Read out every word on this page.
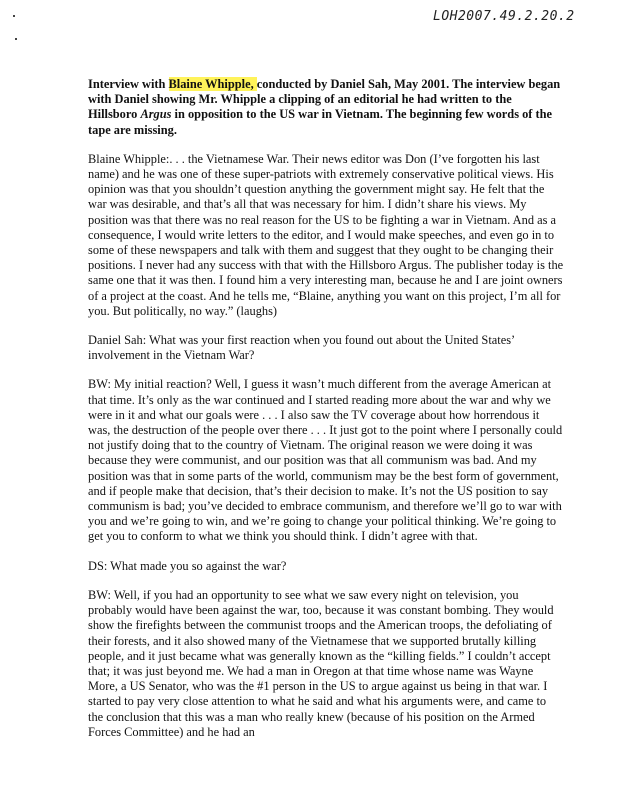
LOH2007.49.2.20.2
Interview with Blaine Whipple, conducted by Daniel Sah, May 2001. The interview began with Daniel showing Mr. Whipple a clipping of an editorial he had written to the Hillsboro Argus in opposition to the US war in Vietnam. The beginning few words of the tape are missing.

Blaine Whipple:. . . the Vietnamese War. Their news editor was Don (I’ve forgotten his last name) and he was one of these super-patriots with extremely conservative political views. His opinion was that you shouldn’t question anything the government might say. He felt that the war was desirable, and that’s all that was necessary for him. I didn’t share his views. My position was that there was no real reason for the US to be fighting a war in Vietnam. And as a consequence, I would write letters to the editor, and I would make speeches, and even go in to some of these newspapers and talk with them and suggest that they ought to be changing their positions. I never had any success with that with the Hillsboro Argus. The publisher today is the same one that it was then. I found him a very interesting man, because he and I are joint owners of a project at the coast. And he tells me, “Blaine, anything you want on this project, I’m all for you. But politically, no way.” (laughs)

Daniel Sah: What was your first reaction when you found out about the United States’ involvement in the Vietnam War?

BW: My initial reaction? Well, I guess it wasn’t much different from the average American at that time. It’s only as the war continued and I started reading more about the war and why we were in it and what our goals were . . . I also saw the TV coverage about how horrendous it was, the destruction of the people over there . . . It just got to the point where I personally could not justify doing that to the country of Vietnam. The original reason we were doing it was because they were communist, and our position was that all communism was bad. And my position was that in some parts of the world, communism may be the best form of government, and if people make that decision, that’s their decision to make. It’s not the US position to say communism is bad; you’ve decided to embrace communism, and therefore we’ll go to war with you and we’re going to win, and we’re going to change your political thinking. We’re going to get you to conform to what we think you should think. I didn’t agree with that.

DS: What made you so against the war?

BW: Well, if you had an opportunity to see what we saw every night on television, you probably would have been against the war, too, because it was constant bombing. They would show the firefights between the communist troops and the American troops, the defoliating of their forests, and it also showed many of the Vietnamese that we supported brutally killing people, and it just became what was generally known as the “killing fields.” I couldn’t accept that; it was just beyond me. We had a man in Oregon at that time whose name was Wayne More, a US Senator, who was the #1 person in the US to argue against us being in that war. I started to pay very close attention to what he said and what his arguments were, and came to the conclusion that this was a man who really knew (because of his position on the Armed Forces Committee) and he had an
